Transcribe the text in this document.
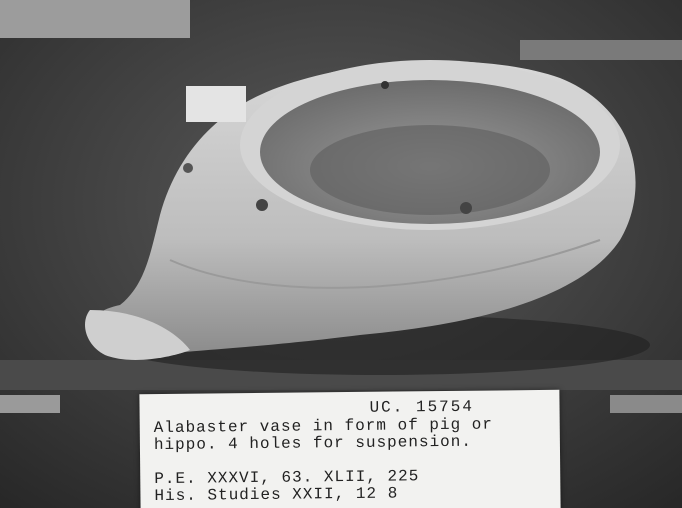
UC. 15754
Alabaster vase in form of pig or hippo. 4 holes for suspension.
P.E. XXXVI, 63. XLII, 225
His. Studies XXII, 12 8
